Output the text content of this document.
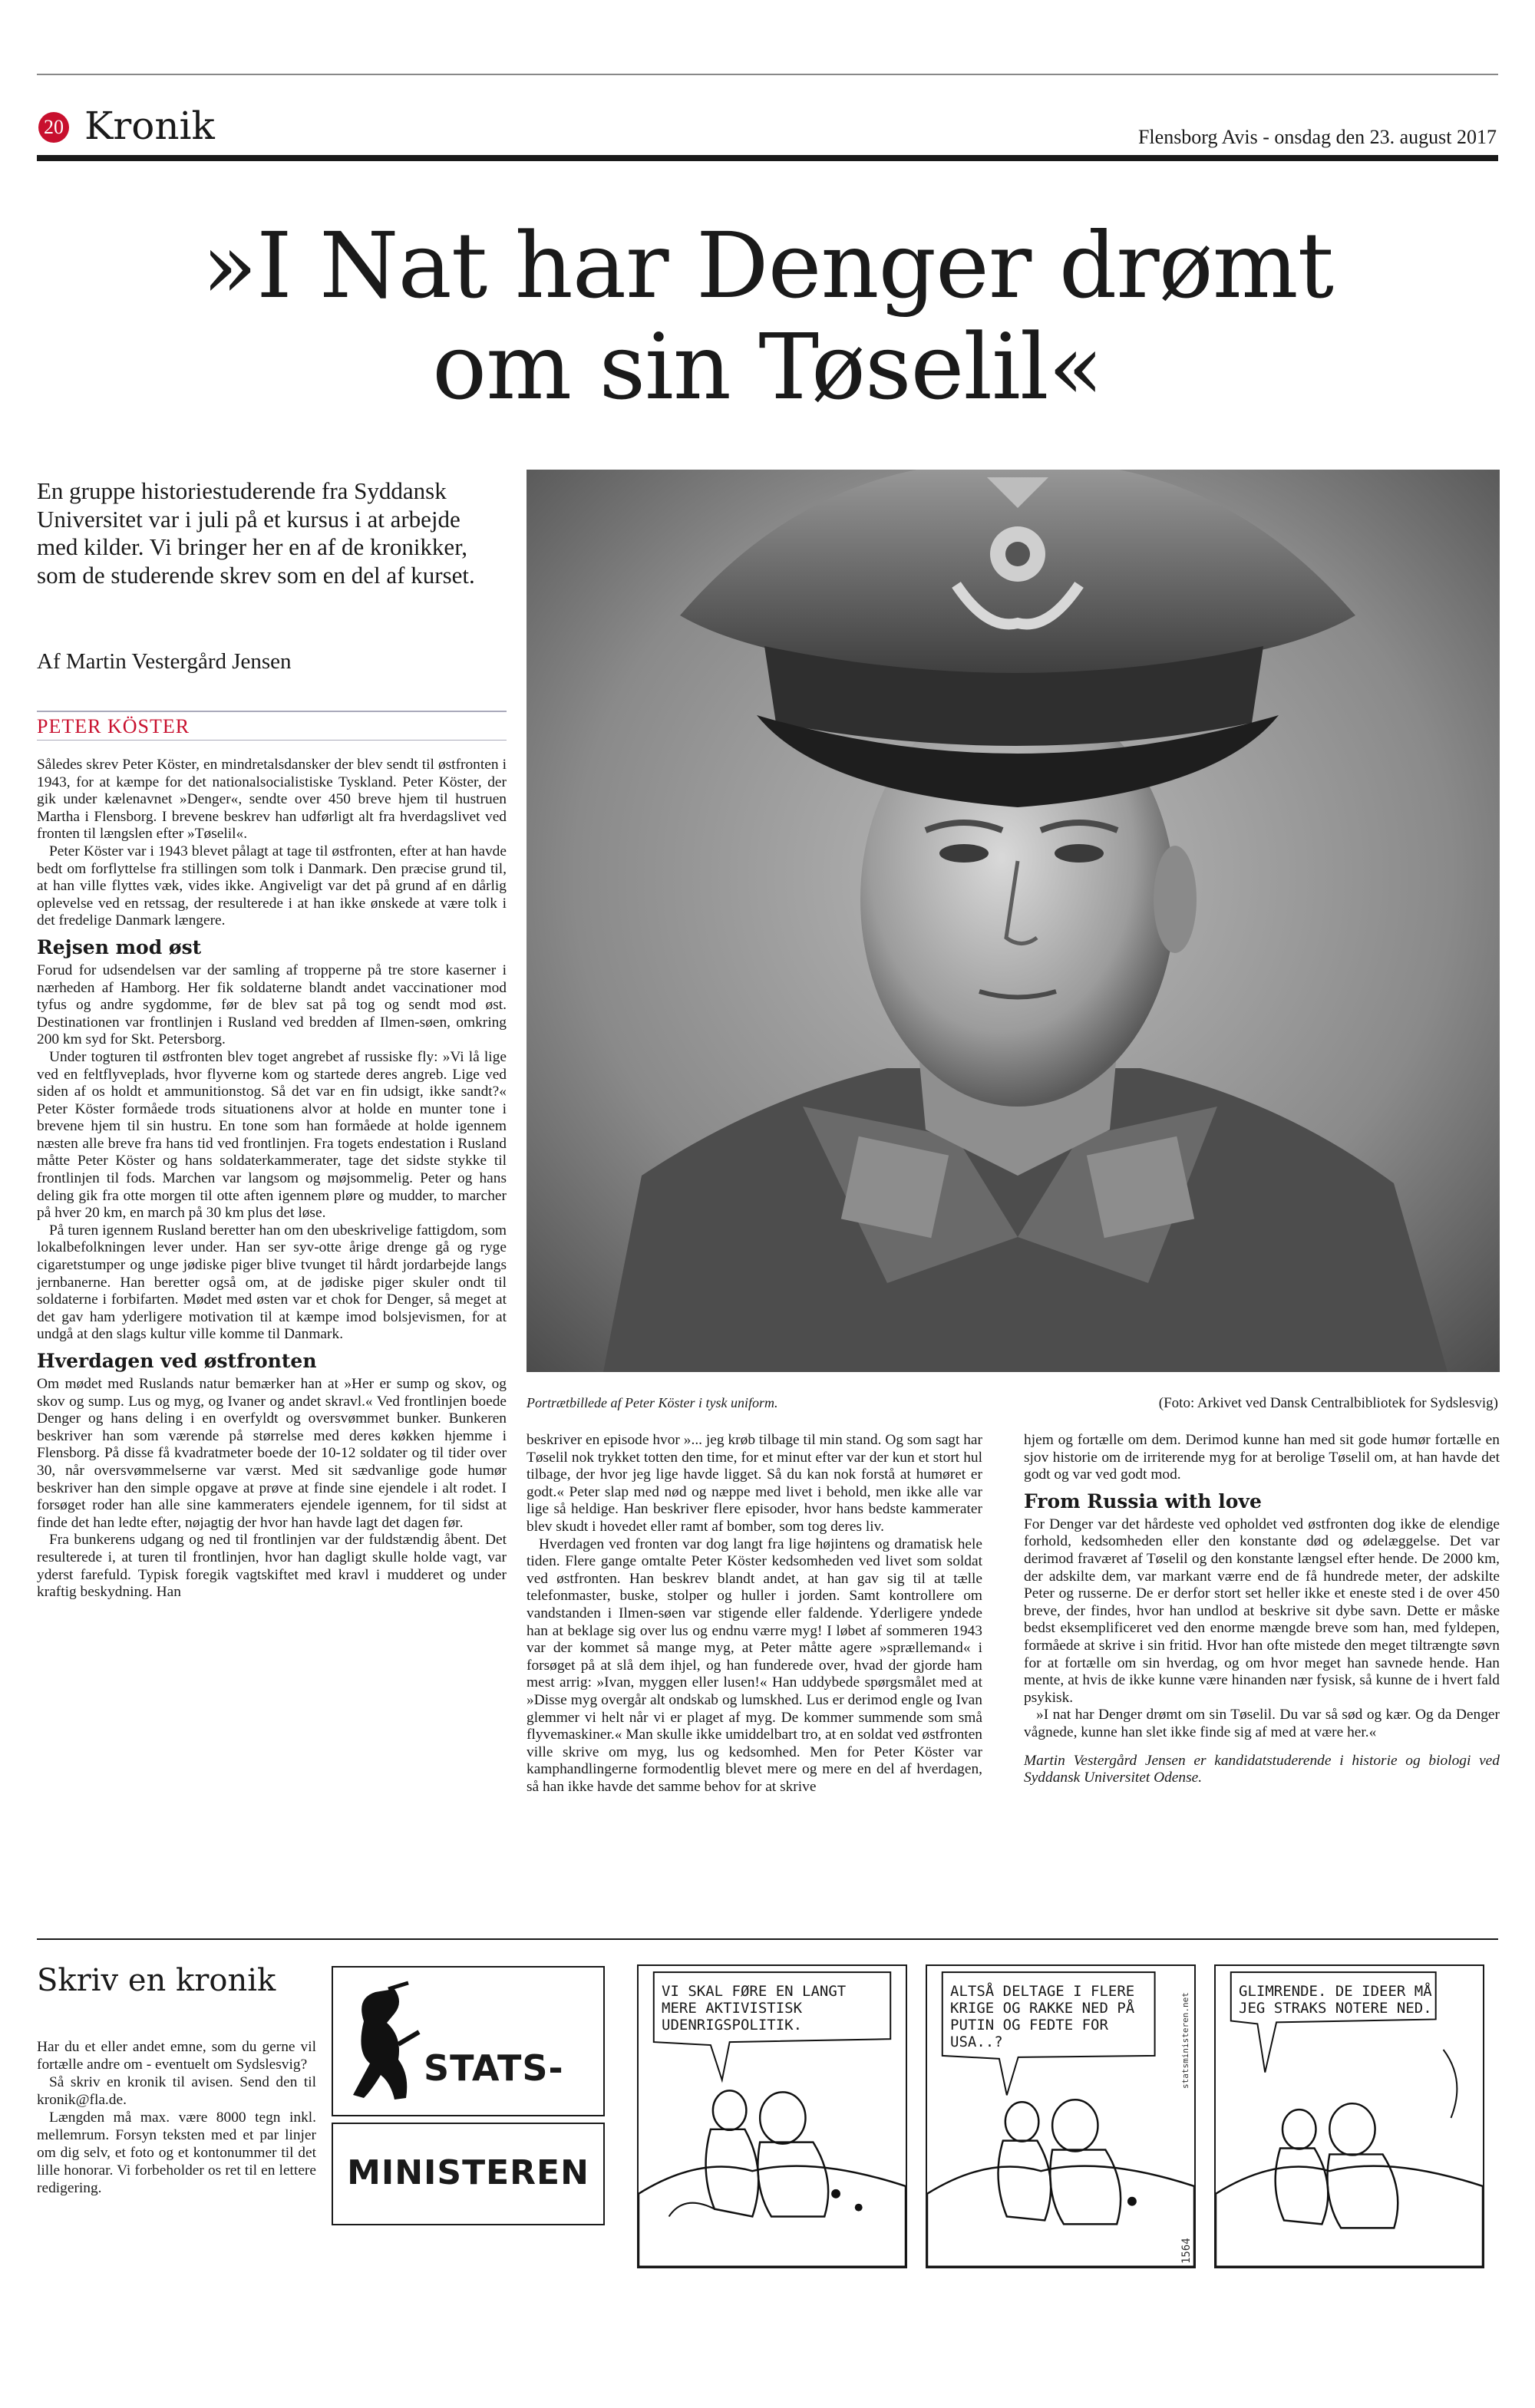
20 Kronik	Flensborg Avis - onsdag den 23. august 2017
»I Nat har Denger drømt
om sin Tøselil«
En gruppe historiestuderende fra Syddansk Universitet var i juli på et kursus i at arbejde med kilder. Vi bringer her en af de kronikker, som de studerende skrev som en del af kurset.
Af Martin Vestergård Jensen
PETER KÖSTER

Således skrev Peter Köster, en mindretalsdansker der blev sendt til østfronten i 1943, for at kæmpe for det nationalsocialistiske Tyskland. Peter Köster, der gik under kælenavnet »Denger«, sendte over 450 breve hjem til hustruen Martha i Flensborg. I brevene beskrev han udførligt alt fra hverdagslivet ved fronten til længslen efter »Tøselil«.

Peter Köster var i 1943 blevet pålagt at tage til østfronten, efter at han havde bedt om forflyttelse fra stillingen som tolk i Danmark. Den præcise grund til, at han ville flyttes væk, vides ikke. Angiveligt var det på grund af en dårlig oplevelse ved en retssag, der resulterede i at han ikke ønskede at være tolk i det fredelige Danmark længere.

Rejsen mod øst

Forud for udsendelsen var der samling af tropperne på tre store kaserner i nærheden af Hamborg. Her fik soldaterne blandt andet vaccinationer mod tyfus og andre sygdomme, før de blev sat på tog og sendt mod øst. Destinationen var frontlinjen i Rusland ved bredden af Ilmen-søen, omkring 200 km syd for Skt. Petersborg.

Under togturen til østfronten blev toget angrebet af russiske fly: »Vi lå lige ved en feltflyveplads, hvor flyverne kom og startede deres angreb. Lige ved siden af os holdt et ammunitionstog. Så det var en fin udsigt, ikke sandt?« Peter Köster formåede trods situationens alvor at holde en munter tone i brevene hjem til sin hustru. En tone som han formåede at holde igennem næsten alle breve fra hans tid ved frontlinjen. Fra togets endestation i Rusland måtte Peter Köster og hans soldaterkammerater, tage det sidste stykke til frontlinjen til fods. Marchen var langsom og møjsommelig. Peter og hans deling gik fra otte morgen til otte aften igennem pløre og mudder, to marcher på hver 20 km, en march på 30 km plus det løse.

På turen igennem Rusland beretter han om den ubeskrivelige fattigdom, som lokalbefolkningen lever under. Han ser syv-otte årige drenge gå og ryge cigaretstumper og unge jødiske piger blive tvunget til hårdt jordarbejde langs jernbanerne. Han beretter også om, at de jødiske piger skuler ondt til soldaterne i forbifarten. Mødet med østen var et chok for Denger, så meget at det gav ham yderligere motivation til at kæmpe imod bolsjevismen, for at undgå at den slags kultur ville komme til Danmark.

Hverdagen ved østfronten

Om mødet med Ruslands natur bemærker han at »Her er sump og skov, og skov og sump. Lus og myg, og Ivaner og andet skravl.« Ved frontlinjen boede Denger og hans deling i en overfyldt og oversvømmet bunker. Bunkeren beskriver han som værende på størrelse med deres køkken hjemme i Flensborg. På disse få kvadratmeter boede der 10-12 soldater og til tider over 30, når oversvømmelserne var værst. Med sit sædvanlige gode humør beskriver han den simple opgave at prøve at finde sine ejendele i alt rodet. I forsøget roder han alle sine kammeraters ejendele igennem, for til sidst at finde det han ledte efter, nøjagtig der hvor han havde lagt det dagen før.

Fra bunkerens udgang og ned til frontlinjen var der fuldstændig åbent. Det resulterede i, at turen til frontlinjen, hvor han dagligt skulle holde vagt, var yderst farefuld. Typisk foregik vagtskiftet med kravl i mudderet og under kraftig beskydning. Han

Portrætbillede af Peter Köster i tysk uniform.	(Foto: Arkivet ved Dansk Centralbibliotek for Sydslesvig)

beskriver en episode hvor »... jeg krøb tilbage til min stand. Og som sagt har Tøselil nok trykket totten den time, for et minut efter var der kun et stort hul tilbage, der hvor jeg lige havde ligget. Så du kan nok forstå at humøret er godt.« Peter slap med nød og næppe med livet i behold, men ikke alle var lige så heldige. Han beskriver flere episoder, hvor hans bedste kammerater blev skudt i hovedet eller ramt af bomber, som tog deres liv.

Hverdagen ved fronten var dog langt fra lige højintens og dramatisk hele tiden. Flere gange omtalte Peter Köster kedsomheden ved livet som soldat ved østfronten. Han beskrev blandt andet, at han gav sig til at tælle telefonmaster, buske, stolper og huller i jorden. Samt kontrollere om vandstanden i Ilmen-søen var stigende eller faldende. Yderligere yndede han at beklage sig over lus og endnu værre myg! I løbet af sommeren 1943 var der kommet så mange myg, at Peter måtte agere »sprællemand« i forsøget på at slå dem ihjel, og han funderede over, hvad der gjorde ham mest arrig: »Ivan, myggen eller lusen!« Han uddybede spørgsmålet med at »Disse myg overgår alt ondskab og lumskhed. Lus er derimod engle og Ivan glemmer vi helt når vi er plaget af myg. De kommer summende som små flyvemaskiner.« Man skulle ikke umiddelbart tro, at en soldat ved østfronten ville skrive om myg, lus og kedsomhed. Men for Peter Köster var kamphandlingerne formodentlig blevet mere og mere en del af hverdagen, så han ikke havde det samme behov for at skrive

hjem og fortælle om dem. Derimod kunne han med sit gode humør fortælle en sjov historie om de irriterende myg for at berolige Tøselil om, at han havde det godt og var ved godt mod.

From Russia with love

For Denger var det hårdeste ved opholdet ved østfronten dog ikke de elendige forhold, kedsomheden eller den konstante død og ødelæggelse. Det var derimod fraværet af Tøselil og den konstante længsel efter hende. De 2000 km, der adskilte dem, var markant værre end de få hundrede meter, der adskilte Peter og russerne. De er derfor stort set heller ikke et eneste sted i de over 450 breve, der findes, hvor han undlod at beskrive sit dybe savn. Dette er måske bedst eksemplificeret ved den enorme mængde breve som han, med fyldepen, formåede at skrive i sin fritid. Hvor han ofte mistede den meget tiltrængte søvn for at fortælle om sin hverdag, og om hvor meget han savnede hende. Han mente, at hvis de ikke kunne være hinanden nær fysisk, så kunne de i hvert fald psykisk.

»I nat har Denger drømt om sin Tøselil. Du var så sød og kær. Og da Denger vågnede, kunne han slet ikke finde sig af med at være her.«

Martin Vestergård Jensen er kandidatstuderende i historie og biologi ved Syddansk Universitet Odense.

Skriv en kronik

Har du et eller andet emne, som du gerne vil fortælle andre om - eventuelt om Sydslesvig?

Så skriv en kronik til avisen. Send den til kronik@fla.de.

Længden må max. være 8000 tegn inkl. mellemrum. Forsyn teksten med et par linjer om dig selv, et foto og et kontonummer til det lille honorar. Vi forbeholder os ret til en lettere redigering.

STATS-
MINISTEREN
VI SKAL FØRE EN LANGT MERE AKTIVISTISK UDENRIGSPOLITIK.
ALTSÅ DELTAGE I FLERE KRIGE OG RAKKE NED PÅ PUTIN OG FEDTE FOR USA..?	statsministeren.net
1564
GLIMRENDE. DE IDEER MÅ JEG STRAKS NOTERE NED.
